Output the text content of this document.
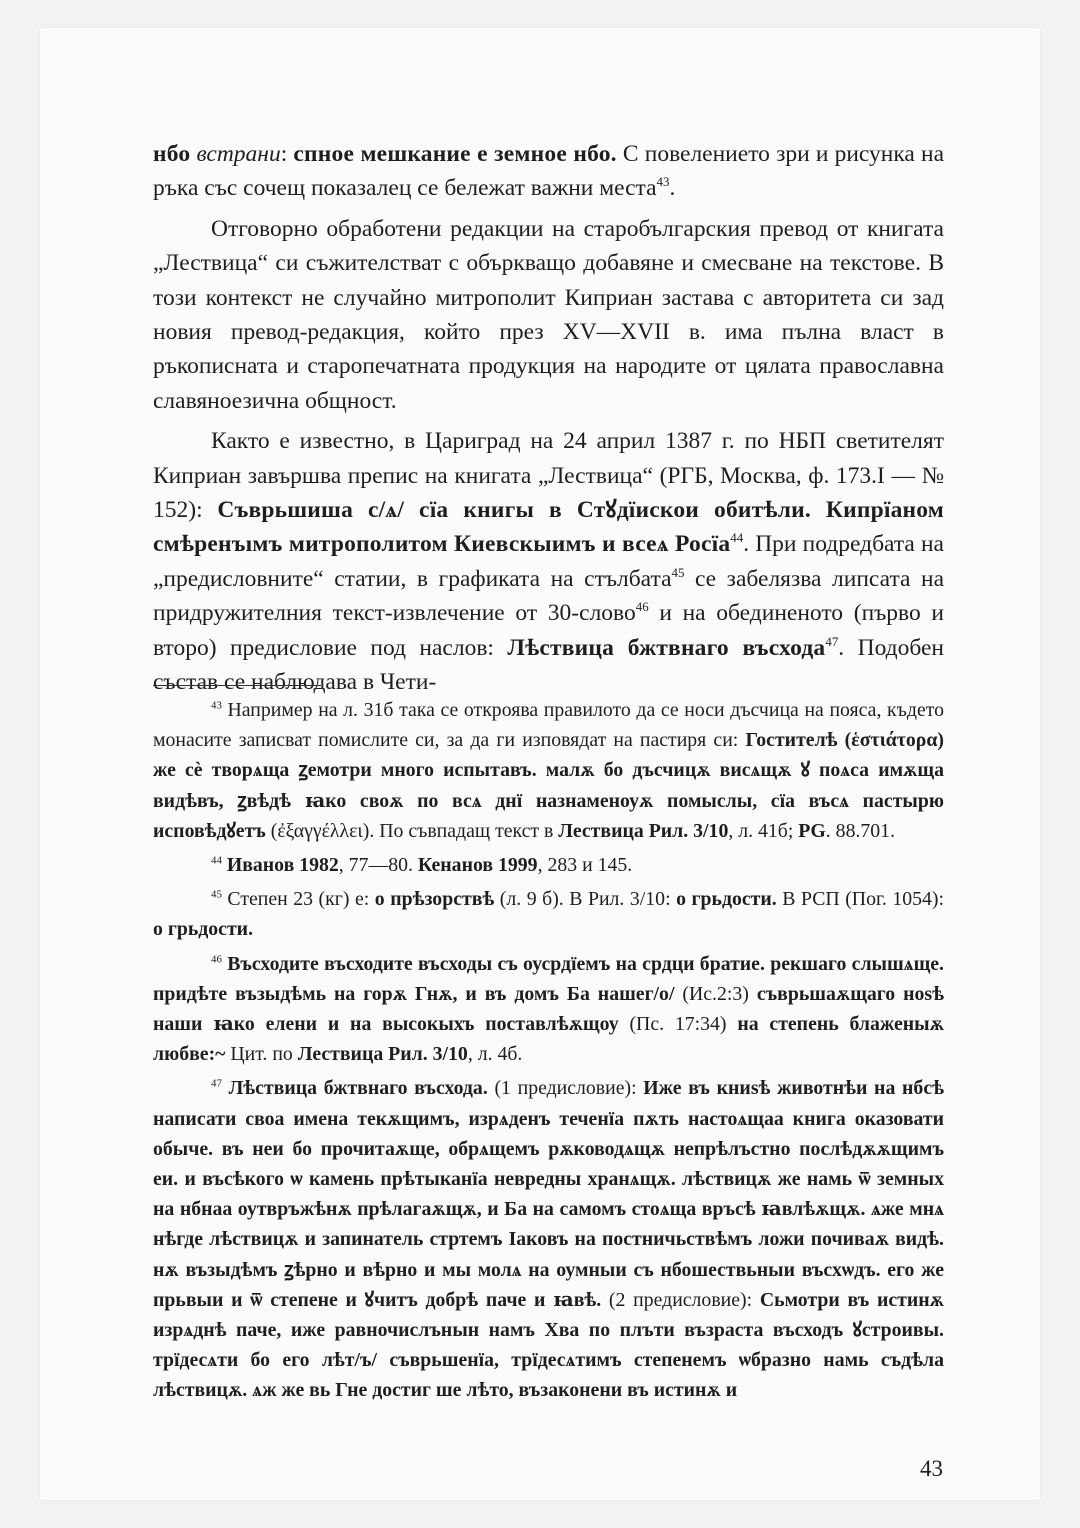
нбо встрани: спное мешкание е земное нбо. С повелението зри и рисунка на ръка със сочещ показалец се бележат важни места$^{43}$.

Отговорно обработени редакции на старобългарския превод от книгата „Лествица“ си съжителстват с объркващо добавяне и смесване на текстове. В този контекст не случайно митрополит Киприан застава с авторитета си зад новия превод-редакция, който през XV—XVII в. има пълна власт в ръкописната и старопечатната продукция на народите от цялата православна славяноезична общност.

Както е известно, в Цариград на 24 април 1387 г. по НБП светителят Киприан завършва препис на книгата „Лествица“ (РГБ, Москва, ф. 173.I — № 152): Съврьшиша с/ѧ/ сїа книгы в Стꙋдїискои обитѣли. Кипрїаном смѣренъıмъ митрополитом Киевскыимъ и всеѧ Росїа$^{44}$. При подредбата на „предисловните“ статии, в графиката на стълбата$^{45}$ се забелязва липсата на придружителния текст-извлечение от 30-слово$^{46}$ и на обединеното (първо и второ) предисловие под наслов: Лѣствица бжтвнаго въсхода$^{47}$. Подобен състав се наблюдава в Чети-

$^{43}$ Например на л. 31б така се откроява правилото да се носи дъсчица на пояса, където монасите записват помислите си, за да ги изповядат на пастиря си: Гостителѣ (ἑστιάτορα) же сѐ творѧща ꙁемотри много испытавъ. малѫ бо дъсчицѫ висѧщѫ ꙋ поѧса имѫща видѣвъ, ꙁвѣдѣ ꙗко своѫ по всѧ днї назнаменоуѫ помыслы, сїа въсѧ пастырю исповѣдꙋетъ (ἐξαγγέλλει). По съвпадащ текст в Лествица Рил. 3/10, л. 41б; PG. 88.701.

$^{44}$ Иванов 1982, 77—80. Кенанов 1999, 283 и 145.

$^{45}$ Степен 23 (кг) е: о прѣзорствѣ (л. 9 б). В Рил. 3/10: о грьдости. В РСП (Пог. 1054): о грьдости.

$^{46}$ Въсходите въсходите въсходы съ оусрдїемъ на срдци братие. рекшаго слышѧще. придѣте възыдѣмь на горѫ Гнѫ, и въ домъ Ба нашег/о/ (Ис.2:3) съврьшаѫщаго ноѕѣ наши ꙗко елени и на высокыхъ поставлѣѫщоу (Пс. 17:34) на степень блаженыѫ любве:~ Цит. по Лествица Рил. 3/10, л. 4б.

$^{47}$ Лѣствица бжтвнаго въсхода. (1 предисловие): Иже въ книѕѣ животнѣи на нбсѣ написати своа имена текѫщимъ, изрѧденъ теченїа пѫть настоѧщаа книга оказовати обыче. въ неи бо прочитаѫще, обрѧщемъ рѫководѧщѫ непрѣлъстно послѣдѫѫщимъ еи. и въсѣкого ѡ камень прѣтыканїа невредны хранѧщѫ. лѣствицѫ же намь ѿ земных на нбнаа оутвръжѣнѫ прѣлагаѫщѫ, и Ба на самомъ стоѧща връсѣ ꙗвлѣѫщѫ. ѧже мнѧ нѣгде лѣствицѫ и запинатель стртемъ Іаковъ на постничьствѣмъ ложи почиваѫ видѣ. нѫ възыдѣмъ ꙁѣрно и вѣрно и мы молѧ на оумныи съ нбошествьныи въсхѡдъ. его же прьвыи и ѿ степене и ꙋчитъ добрѣ паче и ꙗвѣ. (2 предисловие): Сьмотри въ истинѫ изрѧднѣ паче, иже равночислънын намъ Хва по плъти възраста въсходъ ꙋстроивы. трїдесѧти бо его лѣт/ъ/ съврьшенїа, трїдесѧтимъ степенемъ ѡбразно намь съдѣла лѣствицѫ. ѧж же вь Гне достиг ше лѣто, възаконени въ истинѫ и

43
